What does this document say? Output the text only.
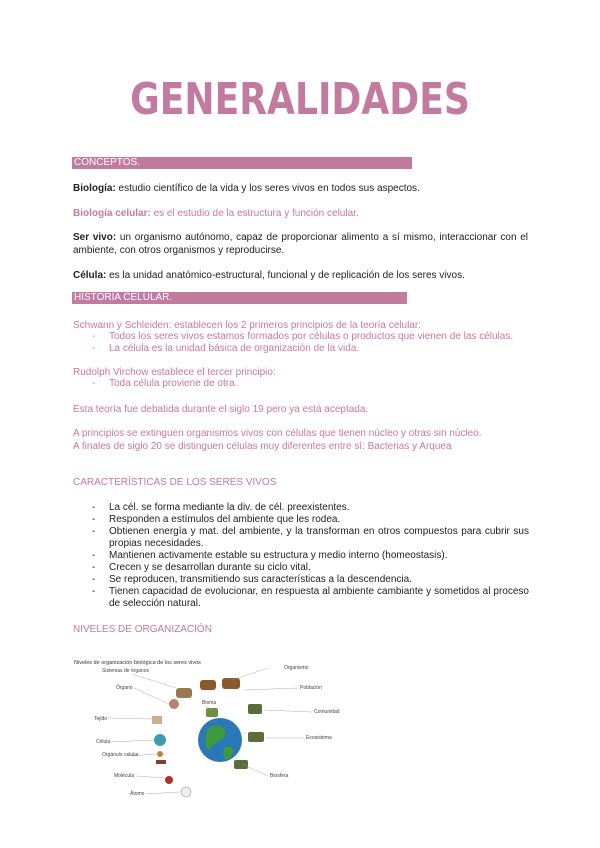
GENERALIDADES
CONCEPTOS.
Biología: estudio científico de la vida y los seres vivos en todos sus aspectos.
Biología celular: es el estudio de la estructura y función celular.
Ser vivo: un organismo autónomo, capaz de proporcionar alimento a sí mismo, interaccionar con el ambiente, con otros organismos y reproducirse.
Célula: es la unidad anatómico-estructural, funcional y de replicación de los seres vivos.
HISTORIA CELULAR.
Schwann y Schleiden: establecen los 2 primeros principios de la teoría celular:
- Todos los seres vivos estamos formados por células o productos que vienen de las células.
- La célula es la unidad básica de organización de la vida.
Rudolph Virchow establece el tercer principio:
- Toda célula proviene de otra.
Esta teoría fue debatida durante el siglo 19 pero ya está aceptada.
A principios se extinguen organismos vivos con células que tienen núcleo y otras sin núcleo.
A finales de siglo 20 se distinguen células muy diferentes entre sí: Bacterias y Arquea
CARACTERÍSTICAS DE LOS SERES VIVOS
- La cél. se forma mediante la div. de cél. preexistentes.
- Responden a estímulos del ambiente que les rodea.
- Obtienen energía y mat. del ambiente, y la transforman en otros compuestos para cubrir sus propias necesidades.
- Mantienen activamente estable su estructura y medio interno (homeostasis).
- Crecen y se desarrollan durante su ciclo vital.
- Se reproducen, transmitiendo sus características a la descendencia.
- Tienen capacidad de evolucionar, en respuesta al ambiente cambiante y sometidos al proceso de selección natural.
NIVELES DE ORGANIZACIÓN
Niveles de organización biológica de los seres vivos
Sistemas de órganos
Órgano
Tejido
Célula
Orgánulo celular
Molécula
Átomo
Organismo
Población
Comunidad
Ecosistema
Biosfera
Bioma
